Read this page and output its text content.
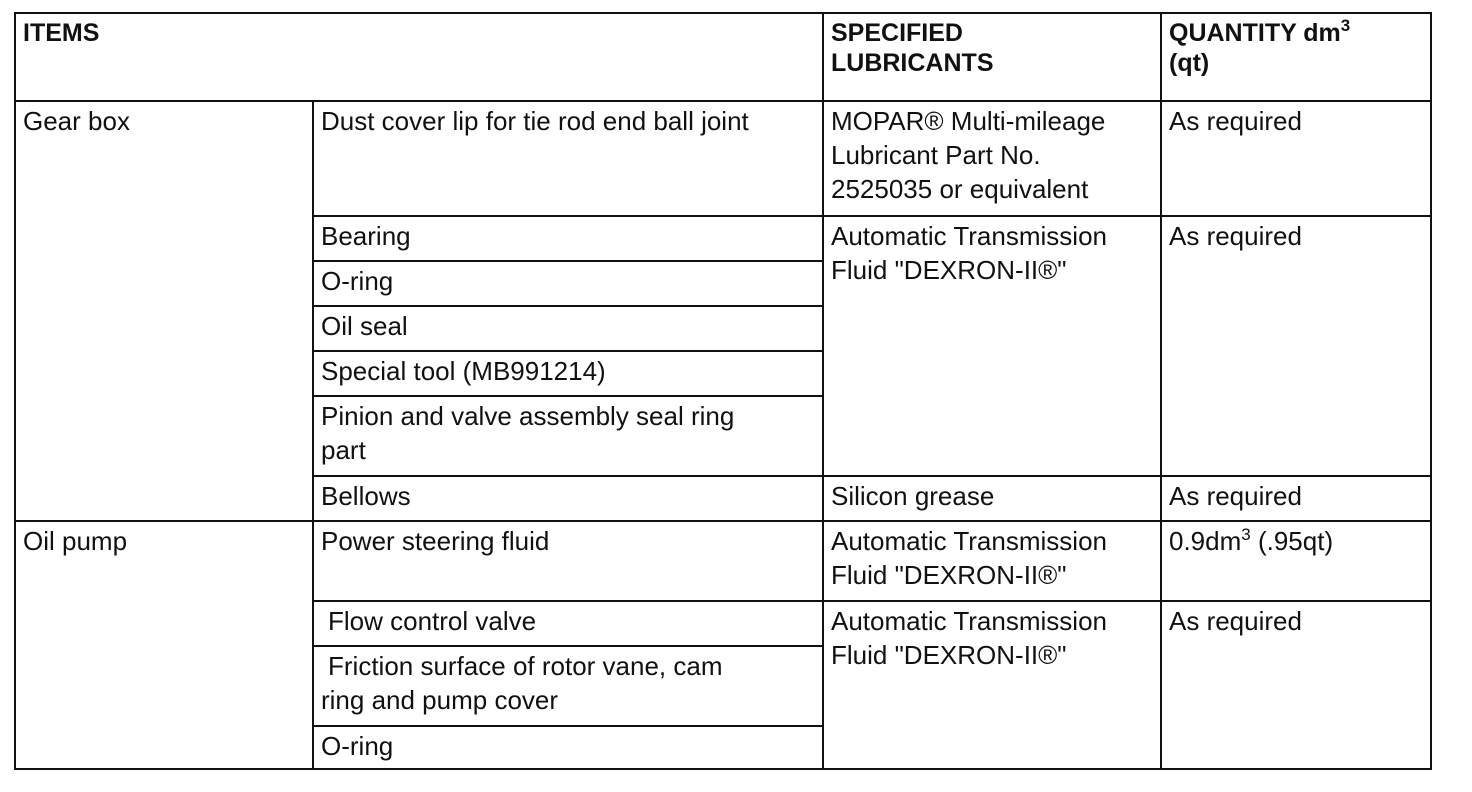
ITEMS		SPECIFIED
LUBRICANTS	QUANTITY $dm^3$
(qt)
Gear box	Dust cover lip for tie rod end ball joint	MOPAR® Multi-mileage
Lubricant Part No.
2525035 or equivalent	As required
	Bearing	Automatic Transmission
Fluid "DEXRON-II®"	As required
	O-ring		
	Oil seal		
	Special tool (MB991214)		

	Pinion and valve assembly seal ring
part		

	Bellows	Silicon grease	As required
Oil pump	Power steering fluid	Automatic Transmission
Fluid "DEXRON-II®"	$0.9dm^3$ (.95qt)
	Flow control valve	Automatic Transmission
Fluid "DEXRON-II®"	As required

	Friction surface of rotor vane, cam
ring and pump cover		

	O-ring		
